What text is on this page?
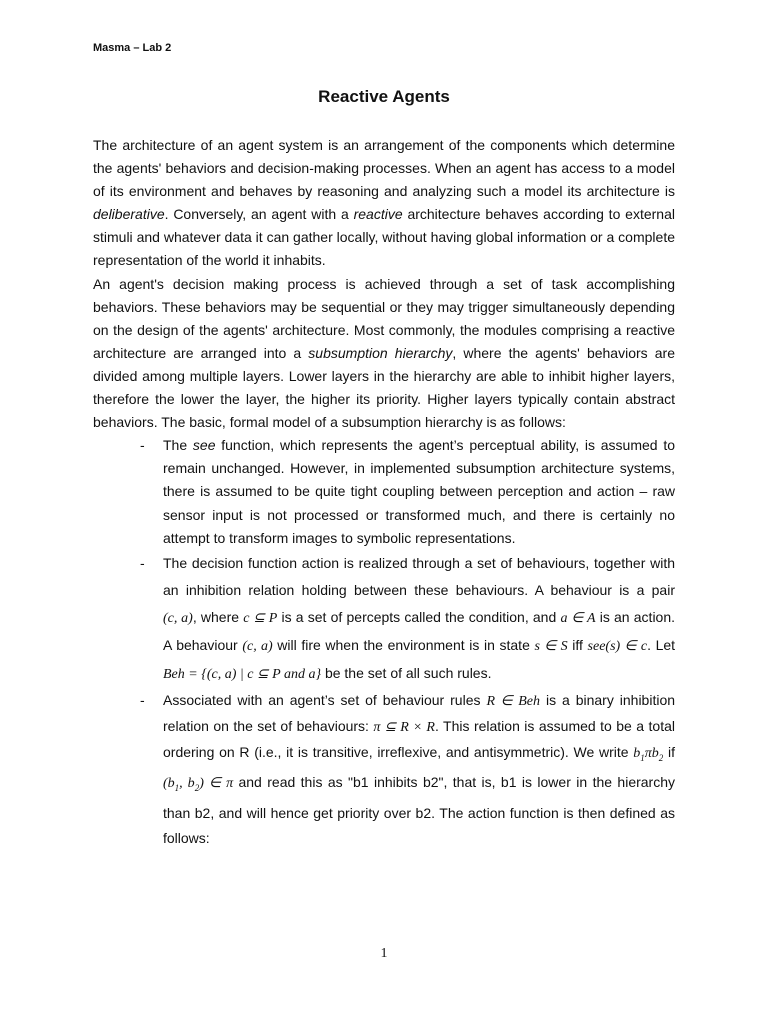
Masma – Lab 2
Reactive Agents

The architecture of an agent system is an arrangement of the components which determine the agents' behaviors and decision-making processes. When an agent has access to a model of its environment and behaves by reasoning and analyzing such a model its architecture is deliberative. Conversely, an agent with a reactive architecture behaves according to external stimuli and whatever data it can gather locally, without having global information or a complete representation of the world it inhabits.

An agent's decision making process is achieved through a set of task accomplishing behaviors. These behaviors may be sequential or they may trigger simultaneously depending on the design of the agents' architecture. Most commonly, the modules comprising a reactive architecture are arranged into a subsumption hierarchy, where the agents' behaviors are divided among multiple layers. Lower layers in the hierarchy are able to inhibit higher layers, therefore the lower the layer, the higher its priority. Higher layers typically contain abstract behaviors. The basic, formal model of a subsumption hierarchy is as follows:

- The see function, which represents the agent’s perceptual ability, is assumed to remain unchanged. However, in implemented subsumption architecture systems, there is assumed to be quite tight coupling between perception and action – raw sensor input is not processed or transformed much, and there is certainly no attempt to transform images to symbolic representations.
- The decision function action is realized through a set of behaviours, together with an inhibition relation holding between these behaviours. A behaviour is a pair (c, a), where c ⊆ P is a set of percepts called the condition, and a ∈ A is an action. A behaviour (c, a) will fire when the environment is in state s ∈ S iff see(s) ∈ c. Let Beh = {(c, a) | c ⊆ P and a} be the set of all such rules.
- Associated with an agent’s set of behaviour rules R ∈ Beh is a binary inhibition relation on the set of behaviours: π ⊆ R × R. This relation is assumed to be a total ordering on R (i.e., it is transitive, irreflexive, and antisymmetric). We write $b_1\pi b_2$ if ($b_1$, $b_2$) ∈ π and read this as "b1 inhibits b2", that is, b1 is lower in the hierarchy than b2, and will hence get priority over b2. The action function is then defined as follows:
1
